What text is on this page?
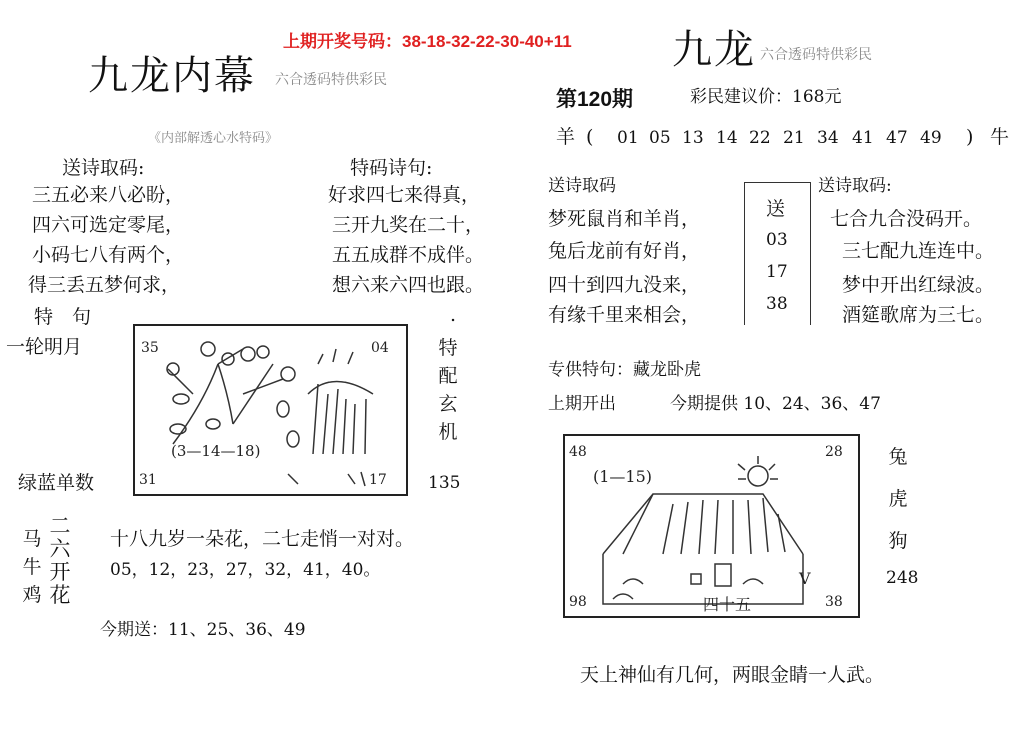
上期开奖号码：38-18-32-22-30-40+11
九龙内幕 六合透码特供彩民
九龙 六合透码特供彩民
《内部解透心水特码》
送诗取码:
三五必来八必盼，
四六可选定零尾，
小码七八有两个，
得三丢五梦何求，
特码诗句:
好求四七来得真，
三开九奖在二十，
五五成群不成伴。
想六来六四也跟。
特　句	.
一轮明月
绿蓝单数
特
配
玄
机
135
35	04
31	17
(3—14—18)
马
牛
鸡
二
六
开
花
十八九岁一朵花，二七走悄一对对。
05，12，23，27，32，41，40。
今期送：11、25、36、49
第120期	彩民建议价：168元
羊 ( 01 05 13 14 22 21 34 41 47 49 ) 牛
送诗取码
梦死鼠肖和羊肖，
兔后龙前有好肖，
四十到四九没来，
有缘千里来相会，
送
03
17
38
送诗取码:
七合九合没码开。
三七配九连连中。
梦中开出红绿波。
酒筵歌席为三七。
专供特句：藏龙卧虎
上期开出	今期提供 10、24、36、47
48	28
98	38
(1—15)
四十五
V
兔
虎
狗
248
天上神仙有几何，两眼金睛一人武。
